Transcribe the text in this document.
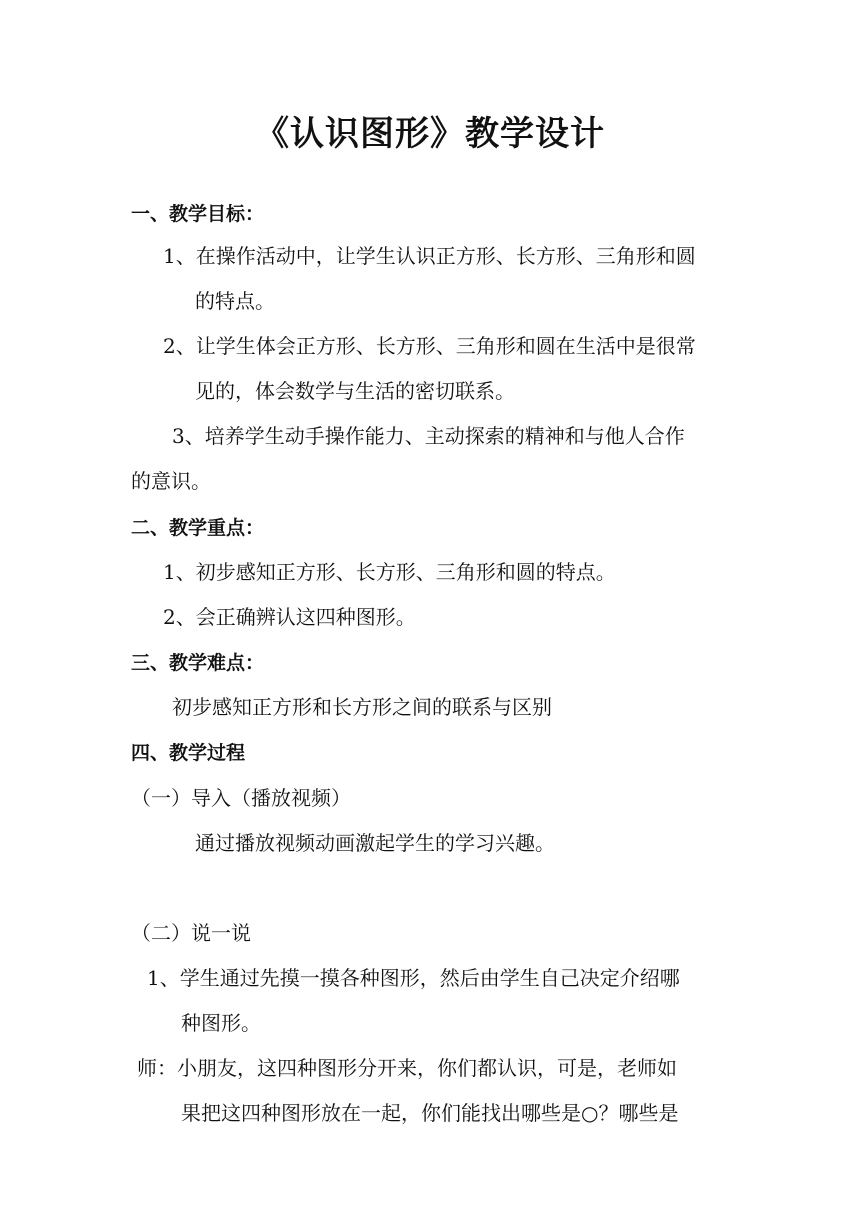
《认识图形》教学设计
一、教学目标：
1、在操作活动中，让学生认识正方形、长方形、三角形和圆
的特点。
2、让学生体会正方形、长方形、三角形和圆在生活中是很常
见的，体会数学与生活的密切联系。
3、培养学生动手操作能力、主动探索的精神和与他人合作
的意识。
二、教学重点：
1、初步感知正方形、长方形、三角形和圆的特点。
2、会正确辨认这四种图形。
三、教学难点：
初步感知正方形和长方形之间的联系与区别
四、教学过程
（一）导入（播放视频）
通过播放视频动画激起学生的学习兴趣。
（二）说一说
1、学生通过先摸一摸各种图形，然后由学生自己决定介绍哪
种图形。
师：小朋友，这四种图形分开来，你们都认识，可是，老师如
果把这四种图形放在一起，你们能找出哪些是○？哪些是
